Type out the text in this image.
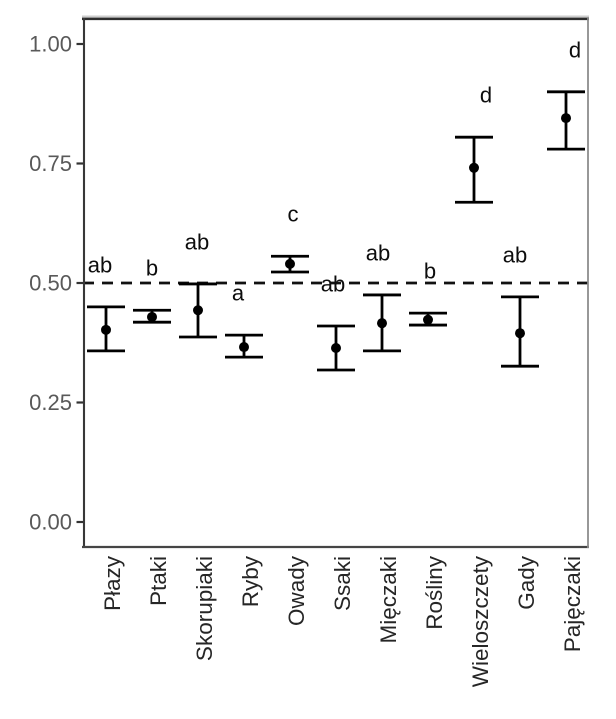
1.00
0.75
0.50
0.25
0.00
ab
Płazy
b
Ptaki
ab
Skorupiaki
a
Ryby
c
Owady
ab
Ssaki
ab
Mięczaki
b
Rośliny
d
Wieloszczety
ab
Gady
d
Pajęczaki
